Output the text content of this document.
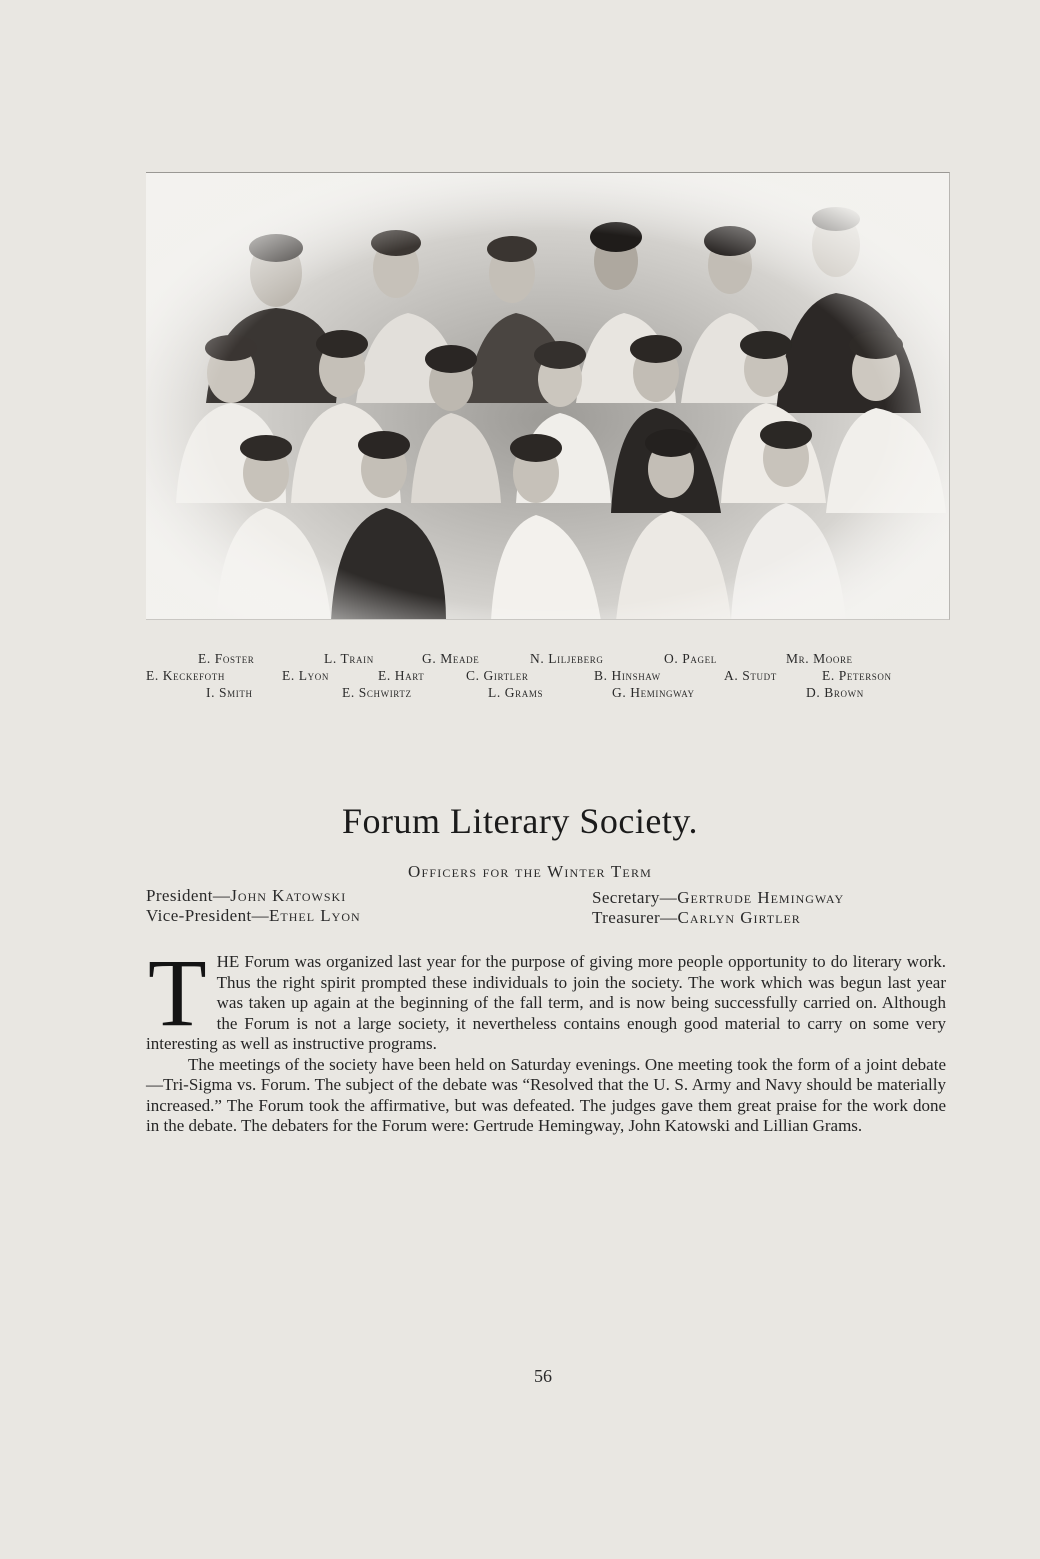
E. Foster	L. Train	G. Meade	N. Liljeberg	O. Pagel	Mr. Moore
E. Keckefoth	E. Lyon	E. Hart	C. Girtler	B. Hinshaw	A. Studt	E. Peterson
I. Smith	E. Schwirtz	L. Grams	G. Hemingway	D. Brown
Forum Literary Society.
Officers for the Winter Term
President—John Katowski
Vice-President—Ethel Lyon
Secretary—Gertrude Hemingway
Treasurer—Carlyn Girtler

THE Forum was organized last year for the purpose of giving more people opportunity to do literary work. Thus the right spirit prompted these individuals to join the society. The work which was begun last year was taken up again at the beginning of the fall term, and is now being successfully carried on. Although the Forum is not a large society, it nevertheless contains enough good material to carry on some very interesting as well as instructive programs.

The meetings of the society have been held on Saturday evenings. One meeting took the form of a joint debate—Tri-Sigma vs. Forum. The subject of the debate was “Resolved that the U. S. Army and Navy should be materially increased.” The Forum took the affirmative, but was defeated. The judges gave them great praise for the work done in the debate. The debaters for the Forum were: Gertrude Hemingway, John Katowski and Lillian Grams.

56
